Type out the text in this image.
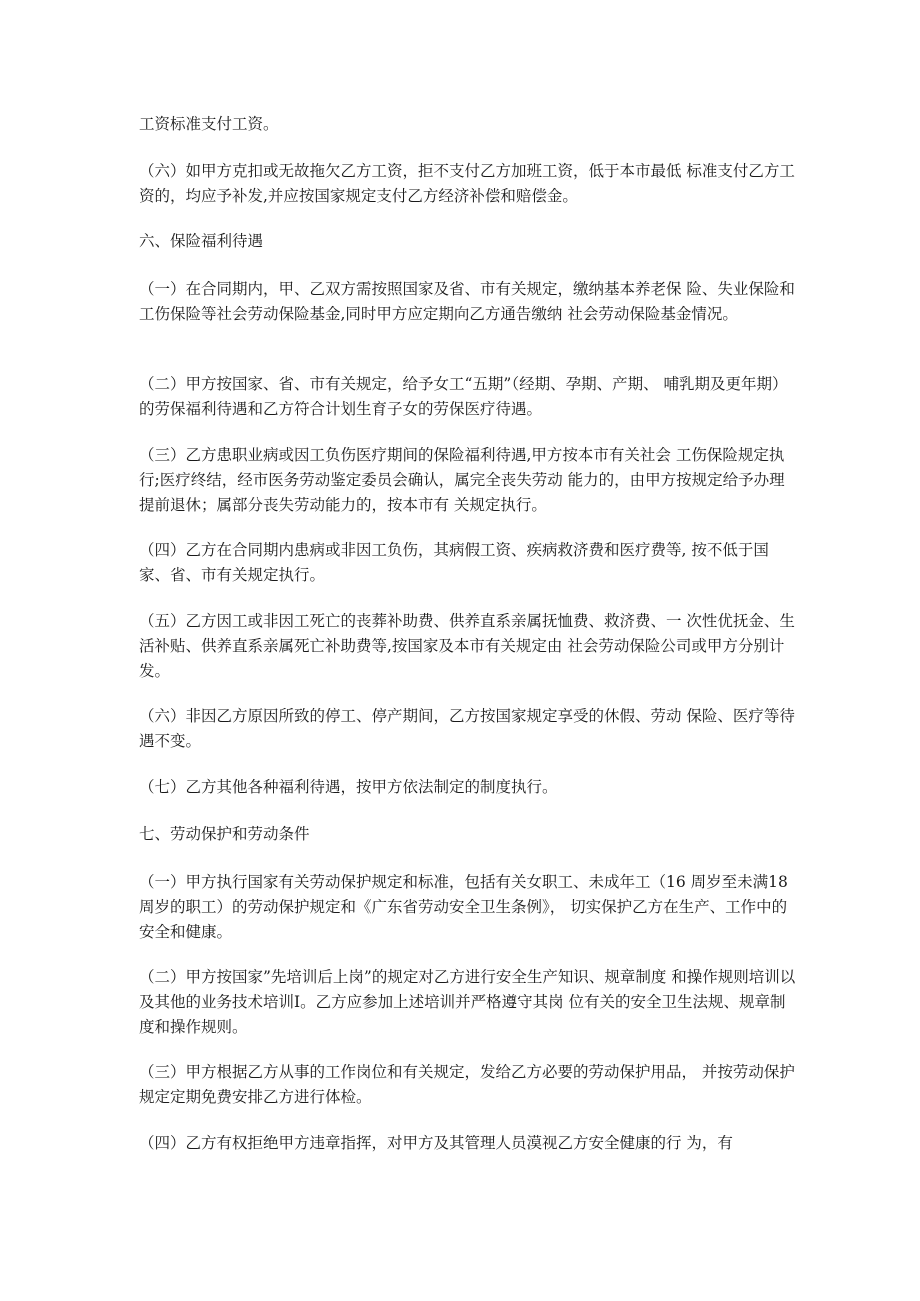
工资标准支付工资。

（六）如甲方克扣或无故拖欠乙方工资，拒不支付乙方加班工资，低于本市最低 标准支付乙方工资的，均应予补发,并应按国家规定支付乙方经济补偿和赔偿金。

六、保险福利待遇

（一）在合同期内，甲、乙双方需按照国家及省、市有关规定，缴纳基本养老保 险、失业保险和工伤保险等社会劳动保险基金,同时甲方应定期向乙方通告缴纳 社会劳动保险基金情况。

（二）甲方按国家、省、市有关规定，给予女工“五期”（经期、孕期、产期、 哺乳期及更年期）的劳保福利待遇和乙方符合计划生育子女的劳保医疗待遇。

（三）乙方患职业病或因工负伤医疗期间的保险福利待遇,甲方按本市有关社会 工伤保险规定执行;医疗终结，经市医务劳动鉴定委员会确认，属完全丧失劳动 能力的，由甲方按规定给予办理提前退休；属部分丧失劳动能力的，按本市有 关规定执行。

（四）乙方在合同期内患病或非因工负伤，其病假工资、疾病救济费和医疗费等, 按不低于国家、省、市有关规定执行。

（五）乙方因工或非因工死亡的丧葬补助费、供养直系亲属抚恤费、救济费、一 次性优抚金、生活补贴、供养直系亲属死亡补助费等,按国家及本市有关规定由 社会劳动保险公司或甲方分别计发。

（六）非因乙方原因所致的停工、停产期间，乙方按国家规定享受的休假、劳动 保险、医疗等待遇不变。

（七）乙方其他各种福利待遇，按甲方依法制定的制度执行。

七、劳动保护和劳动条件

（一）甲方执行国家有关劳动保护规定和标准，包括有关女职工、未成年工（16 周岁至未满18周岁的职工）的劳动保护规定和《广东省劳动安全卫生条例》， 切实保护乙方在生产、工作中的安全和健康。

（二）甲方按国家”先培训后上岗”的规定对乙方进行安全生产知识、规章制度 和操作规则培训以及其他的业务技术培训Ⅰ。乙方应参加上述培训并严格遵守其岗 位有关的安全卫生法规、规章制度和操作规则。

（三）甲方根据乙方从事的工作岗位和有关规定，发给乙方必要的劳动保护用品， 并按劳动保护规定定期免费安排乙方进行体检。

（四）乙方有权拒绝甲方违章指挥，对甲方及其管理人员漠视乙方安全健康的行 为，有
